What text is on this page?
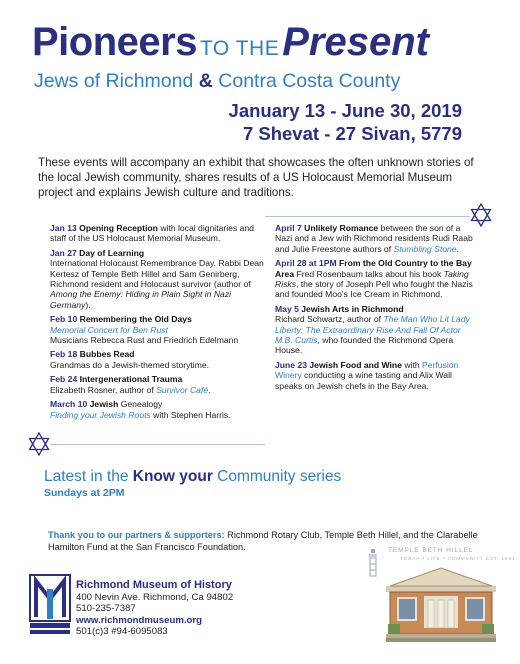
Pioneers TO THEPresent
Jews of Richmond & Contra Costa County
January 13 - June 30, 2019
7 Shevat - 27 Sivan, 5779
These events will accompany an exhibit that showcases the often unknown stories of the local Jewish community, shares results of a US Holocaust Memorial Museum project and explains Jewish culture and traditions.
Jan 13 Opening Reception with local dignitaries and staff of the US Holocaust Memorial Museum.
Jan 27 Day of Learning
International Holocaust Remembrance Day. Rabbi Dean Kertesz of Temple Beth Hillel and Sam Genirberg, Richmond resident and Holocaust survivor (author of Among the Enemy: Hiding in Plain Sight in Nazi Germany).
Feb 10 Remembering the Old Days
Memorial Concert for Ben Rust
Musicians Rebecca Rust and Friedrich Edelmann
Feb 18 Bubbes Read
Grandmas do a Jewish-themed storytime.
Feb 24 Intergenerational Trauma
Elizabeth Rosner, author of Survivor Café.
March 10 Jewish Genealogy
Finding your Jewish Roots with Stephen Harris.
April 7 Unlikely Romance between the son of a Nazi and a Jew with Richmond residents Rudi Raab and Julie Freestone authors of Stumbling Stone.
April 28 at 1PM From the Old Country to the Bay Area Fred Rosenbaum talks about his book Taking Risks, the story of Joseph Pell who fought the Nazis and founded Moo's Ice Cream in Richmond.
May 5 Jewish Arts in Richmond
Richard Schwartz, author of The Man Who Lit Lady Liberty: The Extraordinary Rise And Fall Of Actor M.B. Curtis, who founded the Richmond Opera House.
June 23 Jewish Food and Wine with Perfusion Winery conducting a wine tasting and Alix Wall speaks on Jewish chefs in the Bay Area.
Latest in the Know your Community series
Sundays at 2PM
Thank you to our partners & supporters: Richmond Rotary Club, Temple Beth Hillel, and the Clarabelle Hamilton Fund at the San Francisco Foundation.
Richmond Museum of History
400 Nevin Ave. Richmond, Ca 94802
510-235-7387
www.richmondmuseum.org
501(c)3 #94-6095083
TEMPLE BETH HILLEL
TORAH • LIFE • COMMUNITY EST. 1964
